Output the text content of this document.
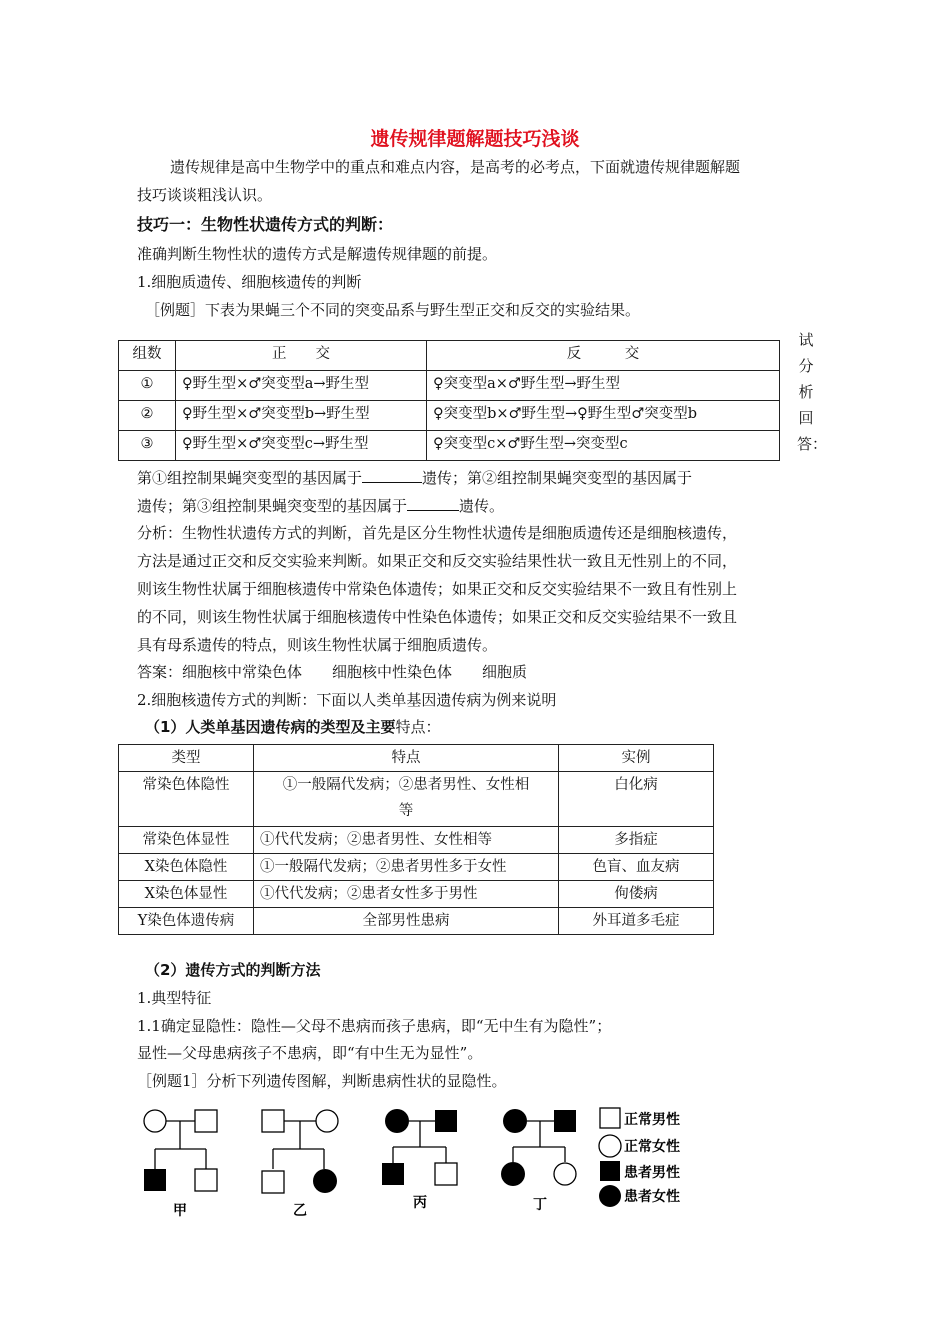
遗传规律题解题技巧浅谈
遗传规律是高中生物学中的重点和难点内容，是高考的必考点，下面就遗传规律题解题
技巧谈谈粗浅认识。
技巧一：生物性状遗传方式的判断：
准确判断生物性状的遗传方式是解遗传规律题的前提。
1.细胞质遗传、细胞核遗传的判断
［例题］下表为果蝇三个不同的突变品系与野生型正交和反交的实验结果。
试
分
析
回
答：
组数	正　　交	反　　　交
①	♀野生型×♂突变型a→野生型	♀突变型a×♂野生型→野生型
②	♀野生型×♂突变型b→野生型	♀突变型b×♂野生型→♀野生型♂突变型b
③	♀野生型×♂突变型c→野生型	♀突变型c×♂野生型→突变型c
第①组控制果蝇突变型的基因属于	遗传；第②组控制果蝇突变型的基因属于
遗传；第③组控制果蝇突变型的基因属于	遗传。
分析：生物性状遗传方式的判断，首先是区分生物性状遗传是细胞质遗传还是细胞核遗传，
方法是通过正交和反交实验来判断。如果正交和反交实验结果性状一致且无性别上的不同，
则该生物性状属于细胞核遗传中常染色体遗传；如果正交和反交实验结果不一致且有性别上
的不同，则该生物性状属于细胞核遗传中性染色体遗传；如果正交和反交实验结果不一致且
具有母系遗传的特点，则该生物性状属于细胞质遗传。
答案：细胞核中常染色体　　细胞核中性染色体　　细胞质
2.细胞核遗传方式的判断：下面以人类单基因遗传病为例来说明
（1）人类单基因遗传病的类型及主要特点：
类型	特点	实例
常染色体隐性	①一般隔代发病；②患者男性、女性相等	白化病
常染色体显性	①代代发病；②患者男性、女性相等	多指症
X染色体隐性	①一般隔代发病；②患者男性多于女性	色盲、血友病
X染色体显性	①代代发病；②患者女性多于男性	佝偻病
Y染色体遗传病	全部男性患病	外耳道多毛症
（2）遗传方式的判断方法
1.典型特征
1.1确定显隐性：隐性—父母不患病而孩子患病，即“无中生有为隐性”；
显性—父母患病孩子不患病，即“有中生无为显性”。
［例题1］分析下列遗传图解，判断患病性状的显隐性。
甲	乙	丙	丁
正常男性
正常女性
患者男性
患者女性
